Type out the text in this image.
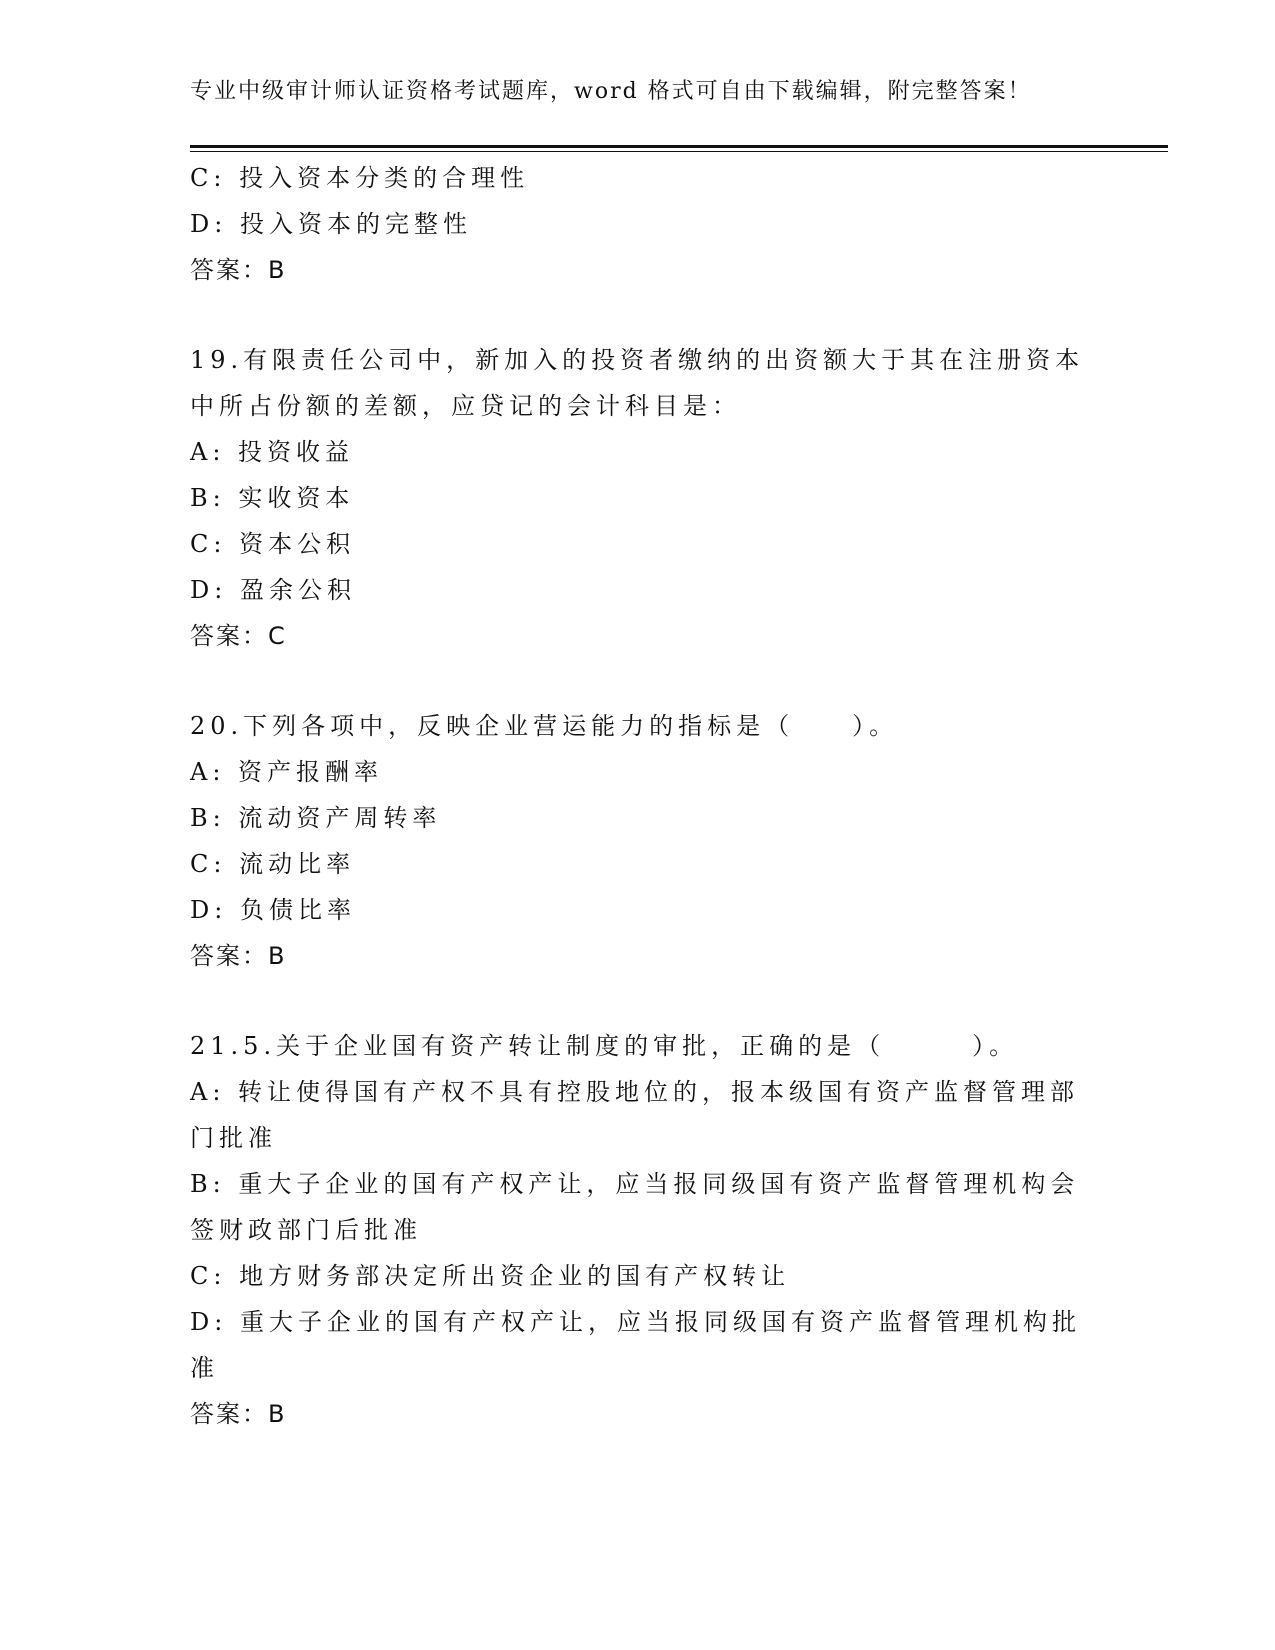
专业中级审计师认证资格考试题库，word 格式可自由下载编辑，附完整答案！
C: 投入资本分类的合理性
D: 投入资本的完整性
答案：B
19.有限责任公司中，新加入的投资者缴纳的出资额大于其在注册资本
中所占份额的差额，应贷记的会计科目是：
A: 投资收益
B: 实收资本
C: 资本公积
D: 盈余公积
答案：C
20.下列各项中，反映企业营运能力的指标是（　　）。
A: 资产报酬率
B: 流动资产周转率
C: 流动比率
D: 负债比率
答案：B
21.5.关于企业国有资产转让制度的审批，正确的是（　　　）。
A: 转让使得国有产权不具有控股地位的，报本级国有资产监督管理部
门批准
B: 重大子企业的国有产权产让，应当报同级国有资产监督管理机构会
签财政部门后批准
C: 地方财务部决定所出资企业的国有产权转让
D: 重大子企业的国有产权产让，应当报同级国有资产监督管理机构批
准
答案：B
